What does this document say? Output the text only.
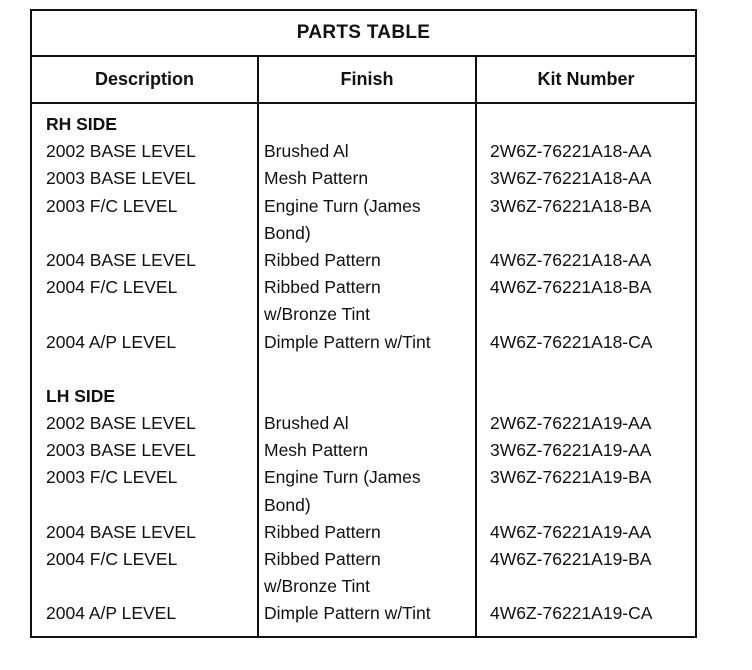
PARTS TABLE
Description	Finish	Kit Number
RH SIDE
2002 BASE LEVEL
2003 BASE LEVEL
2003 F/C LEVEL
2004 BASE LEVEL
2004 F/C LEVEL
2004 A/P LEVEL
LH SIDE
2002 BASE LEVEL
2003 BASE LEVEL
2003 F/C LEVEL
2004 BASE LEVEL
2004 F/C LEVEL
2004 A/P LEVEL
Brushed Al
Mesh Pattern
Engine Turn (James
Bond)
Ribbed Pattern
Ribbed Pattern
w/Bronze Tint
Dimple Pattern w/Tint
Brushed Al
Mesh Pattern
Engine Turn (James
Bond)
Ribbed Pattern
Ribbed Pattern
w/Bronze Tint
Dimple Pattern w/Tint
2W6Z-76221A18-AA
3W6Z-76221A18-AA
3W6Z-76221A18-BA
4W6Z-76221A18-AA
4W6Z-76221A18-BA
4W6Z-76221A18-CA
2W6Z-76221A19-AA
3W6Z-76221A19-AA
3W6Z-76221A19-BA
4W6Z-76221A19-AA
4W6Z-76221A19-BA
4W6Z-76221A19-CA
